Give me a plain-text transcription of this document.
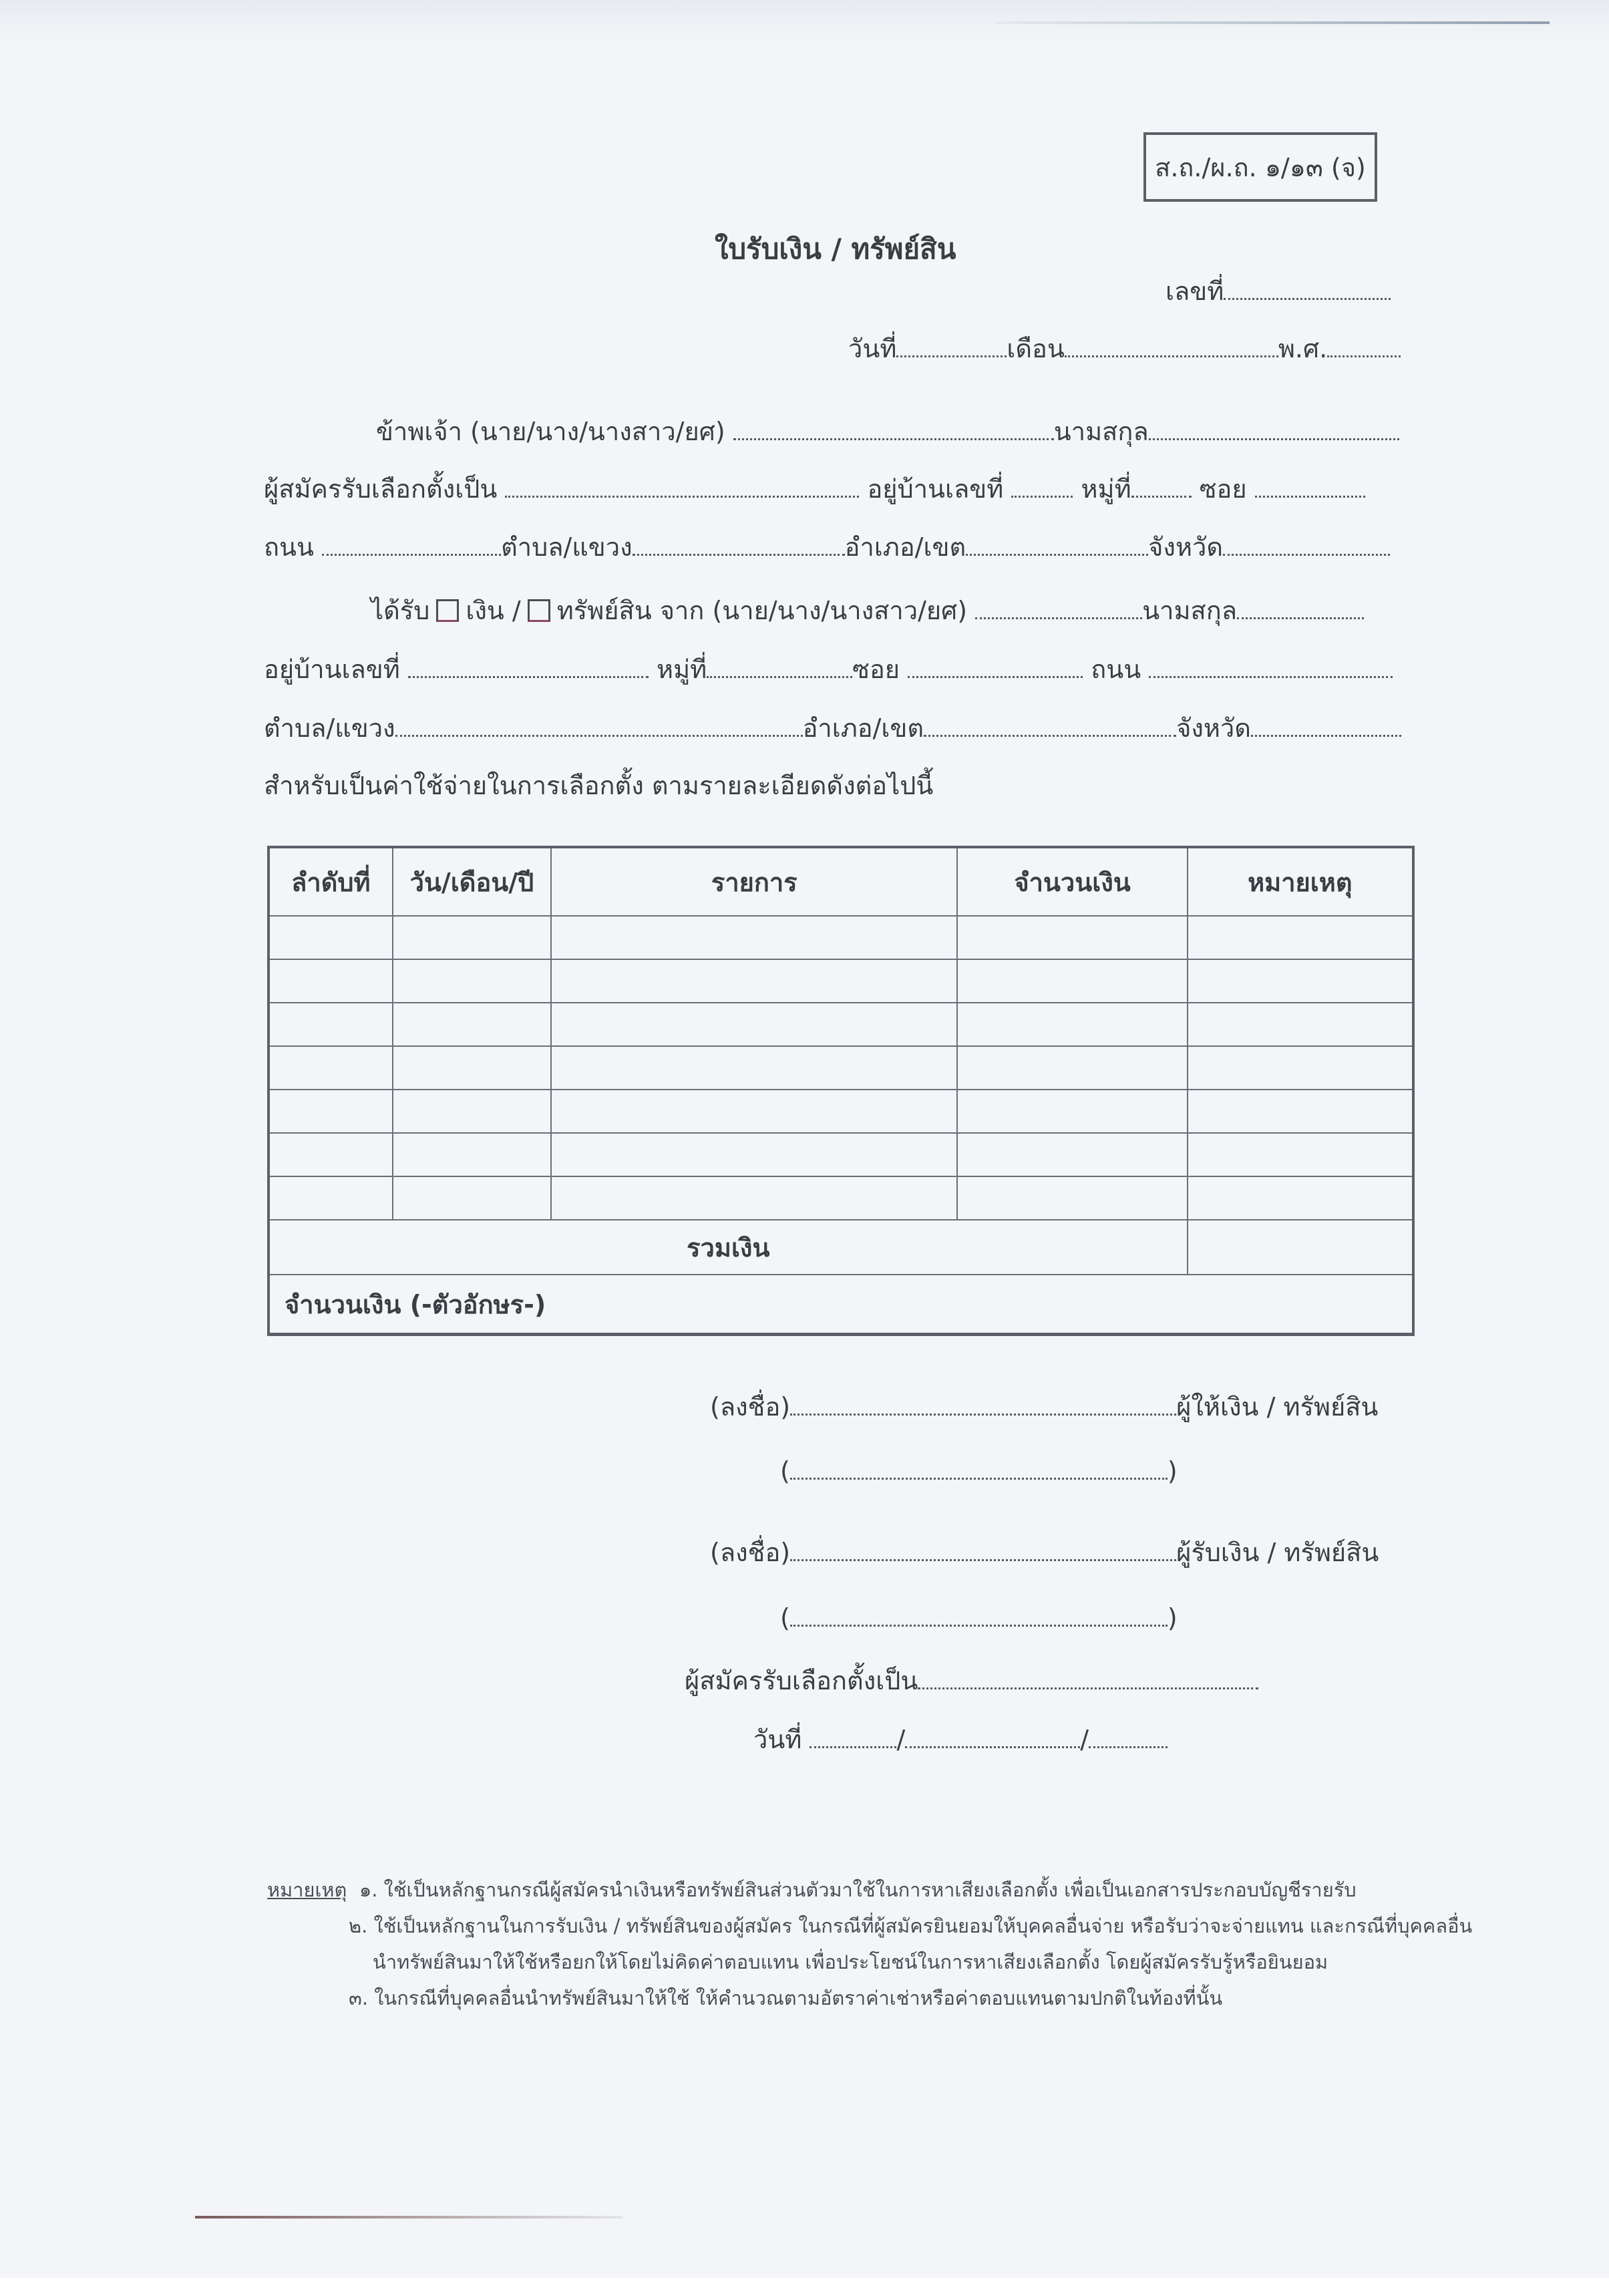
ส.ถ./ผ.ถ. ๑/๑๓ (จ)
ใบรับเงิน / ทรัพย์สิน
เลขที่
วันที่	เดือน	พ.ศ.
ข้าพเจ้า (นาย/นาง/นางสาว/ยศ)	นามสกุล
ผู้สมัครรับเลือกตั้งเป็น	อยู่บ้านเลขที่	หมู่ที่	ซอย
ถนน	ตำบล/แขวง	อำเภอ/เขต	จังหวัด
ได้รับ เงิน / ทรัพย์สิน จาก (นาย/นาง/นางสาว/ยศ)	นามสกุล
อยู่บ้านเลขที่	หมู่ที่	ซอย	ถนน
ตำบล/แขวง	อำเภอ/เขต	จังหวัด
สำหรับเป็นค่าใช้จ่ายในการเลือกตั้ง ตามรายละเอียดดังต่อไปนี้
ลำดับที่	วัน/เดือน/ปี	รายการ	จำนวนเงิน	หมายเหตุ

รวมเงิน				
จำนวนเงิน (-ตัวอักษร-)				
(ลงชื่อ)	ผู้ให้เงิน / ทรัพย์สิน
(	)
(ลงชื่อ)	ผู้รับเงิน / ทรัพย์สิน
(	)
ผู้สมัครรับเลือกตั้งเป็น
วันที่	/	/
หมายเหตุ ๑. ใช้เป็นหลักฐานกรณีผู้สมัครนำเงินหรือทรัพย์สินส่วนตัวมาใช้ในการหาเสียงเลือกตั้ง เพื่อเป็นเอกสารประกอบบัญชีรายรับ
๒. ใช้เป็นหลักฐานในการรับเงิน / ทรัพย์สินของผู้สมัคร ในกรณีที่ผู้สมัครยินยอมให้บุคคลอื่นจ่าย หรือรับว่าจะจ่ายแทน และกรณีที่บุคคลอื่น
นำทรัพย์สินมาให้ใช้หรือยกให้โดยไม่คิดค่าตอบแทน เพื่อประโยชน์ในการหาเสียงเลือกตั้ง โดยผู้สมัครรับรู้หรือยินยอม
๓. ในกรณีที่บุคคลอื่นนำทรัพย์สินมาให้ใช้ ให้คำนวณตามอัตราค่าเช่าหรือค่าตอบแทนตามปกติในท้องที่นั้น
